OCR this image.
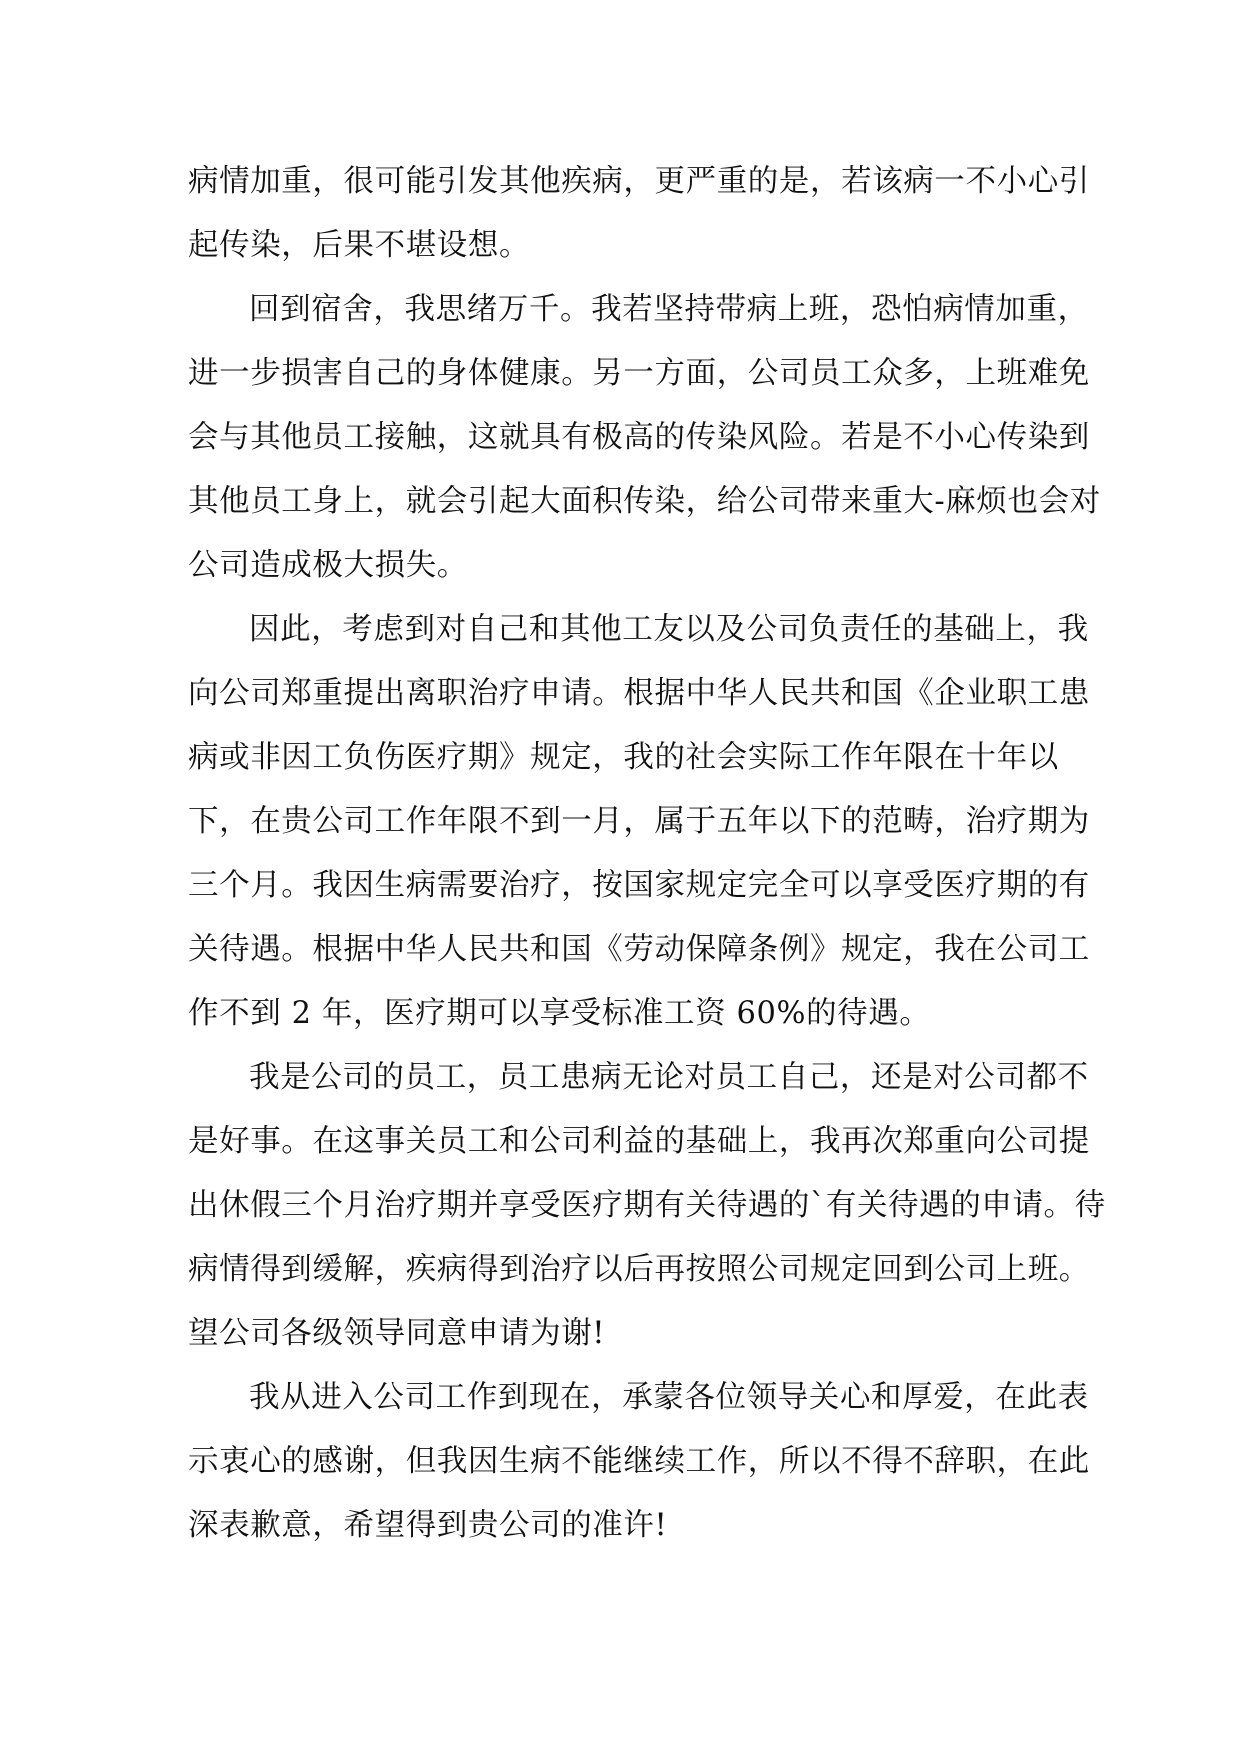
病情加重，很可能引发其他疾病，更严重的是，若该病一不小心引
起传染，后果不堪设想。
回到宿舍，我思绪万千。我若坚持带病上班，恐怕病情加重，
进一步损害自己的身体健康。另一方面，公司员工众多，上班难免
会与其他员工接触，这就具有极高的传染风险。若是不小心传染到
其他员工身上，就会引起大面积传染，给公司带来重大-麻烦也会对
公司造成极大损失。
因此，考虑到对自己和其他工友以及公司负责任的基础上，我
向公司郑重提出离职治疗申请。根据中华人民共和国《企业职工患
病或非因工负伤医疗期》规定，我的社会实际工作年限在十年以
下，在贵公司工作年限不到一月，属于五年以下的范畴，治疗期为
三个月。我因生病需要治疗，按国家规定完全可以享受医疗期的有
关待遇。根据中华人民共和国《劳动保障条例》规定，我在公司工
作不到 2 年，医疗期可以享受标准工资 60%的待遇。
我是公司的员工，员工患病无论对员工自己，还是对公司都不
是好事。在这事关员工和公司利益的基础上，我再次郑重向公司提
出休假三个月治疗期并享受医疗期有关待遇的`有关待遇的申请。待
病情得到缓解，疾病得到治疗以后再按照公司规定回到公司上班。
望公司各级领导同意申请为谢!
我从进入公司工作到现在，承蒙各位领导关心和厚爱，在此表
示衷心的感谢，但我因生病不能继续工作，所以不得不辞职，在此
深表歉意，希望得到贵公司的准许!
